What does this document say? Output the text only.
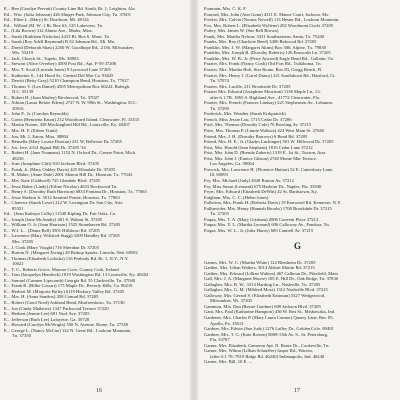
E... Ben (Carolyn Prevatt) County Line Rd. South, Rt. 1, Leighton, Ala.
Ed... Wm. (Julia Johnson) 426 Slinger Park, Johnson City, Tn. 37601
Ed... Ellen L. (Mary) St. Dearborn, Mi. 48124
Ed... Willard (M. W...) Rt. Box 63, 125 Lakeview, Tn.
E... (Lila Brown) 312 Alamo Ave., Marks, Miss.
E... Sarah (Kathleen Nicholas) 4413 Rt. Box 6, Mont. Tn.
E... Sarah (Roy Adell Raymond) R 52 Johnson Rd., Mt. Mo.
E... David (Deborah Shaw) 2250 W. Goodhope Rd., 2136, Milwaukee,
Wis. 53219
E... Jack, Church St., Tupelo, Ms. 38803
E... Stewart (Alice Overbey) 4500 Post Rd., Apt. F-59 37206
E... Mrs. T. Scott (Lucinda Jones) 9 Lynwood Lane 37205
E... Katherine S., 144 Hood St., Central Del Mar Ca. 93625
E... Dewitt (Betty Gray) 5210 Champion Bend, Houston, Tx. 77027
E... Thomas V. (Lea Daniel) 4505 Metropolitan Box 60222, Raleigh,
N.C. 55139
E... Robert H. (Joan Marley) Birchwood, Tn. 37027
E... Adrian (Laura Belote Edens) 2727 N. W. 99th St., Washington, D.C.
20016
E... John F., Jr. (Carolyn Reynolds)
E... Gavin (Henrietta Eaton) 212 Woodward Island, Clearwater, Fl. 33515
E... Martin Noone, 438 Mockingbird Hill Rd., Louisville, Ky. 40207
E... Mrs. H. F. (Eileen Truitt)
E... Jon, Mt. 1, Eaton, Miss. 38804
E... Hensella (Mary Louise Duncan) 231 W. Bellevue Dr. 37205
E... Jos. Jere, 4314 Signal Hill Dr. 37205 '34
E... Robert H. (Jane Youmans) 1152 N. Oxford Dr., Grease Point, Mich.
48236
E... Ivan (Josephine Clift) 910 Jackson Blvd. 37205
E... Frank, Jr. (Mary Oakley Davis) 425 Ellendale Dr. 37205
E... R. Mabie, (Anne Dale) 2001 Sharon Hill Dr., Houston, Tx. 77043
E... Mrs. Kate (Caldwell) 725 Glendale Blvd. 37205
E... Jesse Baker (Lindy) (Erline Nicolas) 4633 Rockwood Tn.
E... Henry S. (Dorothy Ruth Harrison) 6833 Fontana Dr., Houston, Tx. 77063
E... Jesse Shelton Jr. 5014 Sentinel Pointe, Houston, Tx. 77063
E... Clarence (Sarah Lowe) 212 W. Lexington Dr. Sun City, Ariz.
85351
Ed... (Joan Kathryn Colby) 11540 Kipling Dr. Fair Oaks, Ca.
E... Joseph (Jane McAnulty) 401 S. Walnut St. 37205
E... William O. Jr. (Joan Harrison) 1525 Stonehaven Rd. 37205
E... W.J. L... (Diana Bell) 3501 Hillsboro Rd. 37205
E... Lawrence (Mary Wilsford Stagg) 3209 Handley Rd. 37205
Mrs. 37205
E... J. Cook (Mary Vought) 716 Sheridan Dr. 37205
E... Burton N. (Margaret Ewing) 28 Bishop Sparks, Lincoln, Neb. 68502
E... Thomas (Elizabeth Lodoska) 116 Peabody Rd. Rt. 1, N.Y., N.Y.
10021
E... T. C., Roberts Grove, Monroe Cove, County Cork, Ireland
E... Tom (Jacquelyn Hendrick) 1819 Washington Rd. 13 Louisville, Ky. 40202
E... Samuel (Carmen Lipscomb) Georgia Rd. 55 Clarksville, Tn. 37040
E... Frank R. (Billie Cowart) 175 Maple Dr., Beverly Hills, Ca. 90210
E... Herbert M. (Marjorie Briley) 6119 Hickory Valley Rd. 37205
E... Mrs. H. (Anna Sanders) 458 Conrad Rd. 37205
E... Robert (Carol Nord) Ashland Bend, Murfreesboro, Tn. 37130
E... Jon (Cindy Mathews) 1347 Parkwood Terrace 37220
E... Herbert (Jennie Lee) 601 Noel Ave. 37205
E... Jefferson (Ruth Lee) Lafayette, Ga. 30728
E... Howard (Carolyn McWright) 550 N. Avenue, Rome, Tn. 37350
E... George L. (Nancy McCue) 122 N. Great Rd., Lookout Mountain,
Tn. 37350
Fountain, Mrs. C. K. F
Fourard, Mrs. John (Ann Gunn) 4311 E. Manor Court, Jackson, Ms.
Fowler, Mrs. Calvin (Norma Nowell) 113 Hester Rd., Lookout Mountain,
Fox, Mrs. Robert L. (Elizabeth Wyllene) 202 Woodmont Circle 37205
Fraley, Mrs. James W. (Sue Bell Brown)
Frank, Mrs. Martha Nelson, 3331 Southeastern, Santa, Tx. 75240
Franks, Mrs. Roy (Charlotte Reed) 3400 Belwood Rd. 37205
Franklin, Mrs. J. W. (Margaret Akins) Box 300, Alpine, Tx. 79830
Franklin, Mrs. Joseph B. (Dorothy Roberts) 126 Emworth Ln. 37205
Franklin, Mrs. W. B., Jr. (Perry Atwood) Eagle Bend Rd., Gallatin, Tn.
Frazier, Mrs. Frank (Nancy Cook) Old Fort Rd., Tullahoma, Tn.
Frazier, Mrs. Martha Holt, Star Route, Box 83, Gregg Beach, Fl.
Frazier, Mrs. Henry J. (Carol Dancy) 221 Southdown Rd., Hartford, Ct.
Tn. 37074
Frazier, Mrs. Lucille, 211 Brookside Dr. 37205
Frazier Mrs. Edward (Josephine Morrison) 1136 Maple Ln., Ct.
after 6.1 7B. 1865 S. Highland Ave., 41772 Clearwater, Fla.
Frazier, Mrs. French (Frances Lindsay) 221 Stephenson Av., Lebanon,
Tn. 37290
Frederick, Mrs. Weather (Sarah Kirkpatrick)
French, Miss Jessie Lou, 1715 Cedar Dr. 37206
Friel, Mrs. Thomas (Dorothy Cole) 76 Bowling Av. 37215
Fries, Mrs. Thomas P. (Linnie Wallace) 424 West Main St. 37040
Friend, Mrs. J. H. (Dorothy Barrows) 6 Bend Rd. 37205
Friend, Mrs. H. E., Jr. (Gladys Luchinger) 501 W. Hillwood Dr. 37205
Frist, Mrs. Harold (Jean Stephens) 1816 Cedar Lane 37212
Frist, Mrs. John D. (Brenda Zuberts) 1319 E. 1st St., Tucson, Ariz.
Frist, Mrs. John J. (Eunice Gibson) 2740 Monte Mar Terrace,
Los Angeles, Ca. 90064
Frewick, Mrs. Lawrence H. (Florence Hutton) 52 E. Canterbury Lane,
Ill. 60093
Fry, Mrs. Michael (Judy) 2028 Burton Av. 37212
Fry, Miss Susan (Leonard) 675 Harbour Dr., Naples, Fla. 33940
Fryer, Mrs. Edward (Elizabeth DeWitt) 42 St. Bardstown, Ky.
Fulgham, Mrs. C. C. (Helen Jones)
Fullerton, Mrs. Frank H. (Roberta Davis) 19 Kenwood Rd. Kenmore, N.Y.
Fullinwider, Mrs. Henry (Hannah Brooks) 1700 Brookdale Dr. 37215
Tn. 37205
Fuqua, Mrs. T. A. (Mary Grisham) 2006 Convent Place 37212
Fuqua, Mrs. Y. L. (Martha Leonard) 606 Calloway Av., Pandora, Tn.
Fuqua, Mrs. W. L., Jr. (Julia Harris) 600 Cantrell Av. 37215
G
Gaines, Mrs. W. C. (Martha White) 122 Blenheim Dr. 37205
Gaither, Mrs. Lilian Walters, 3014 Abbott Martin Rd. 37215
Gaither, Mrs. Edward (Lillian Walters) 467 Calhoun Dr., Pittsfield, Mass.
Gall, Mrs. J. A. (Margaret Moore) 105 E. Hill Dr., Oak Ridge, Tn. 37830
Gallagher, Mrs. B. W., 3314 Harding Ln., Nashville, Tn. 37205
Gallagher, Mrs. G. M. (Mildred Moss) 1312 Nashville Blvd. 37215
Galloway, Mrs. Gerard S. (Elizabeth Eastman) 5327 Wedgewood,
Milwaukee, Wi. 37205
Gammon, Mrs. Dan (Bessie Gardner) 600 Jackson Blvd. 37205
Gant, Mrs. Paul (Katharine Hampton) 436 W. Rea St., Mishawaka, Ind.
Gardener, Mrs. Charles P. (Mary Laura Connor) Quarry Lane, Rm. 85,
Apollo, Pa. 15613
Gardner, Mrs. Edwin (Sue Judy) 1276 Lafley Dr., Golden Colo. 80401
Gardner, Mrs. T. G. (Kate Bowen) 8008-13th Av. S., St. Petersburg,
Fla. 33707
Garner, Mrs. Elizabeth, Cameron Apt. N. Route Dr., Cookeville, Tn.
Garner, Mrs. Wilma (Lillian Schaeffer) Jasper Rd., Warren,
(after 6.1 78: 7810 Ridge Rd. 46240) Indianapolis, Ind. 46240
Garner, Mrs. Bill, 10 E. ...
16	17
